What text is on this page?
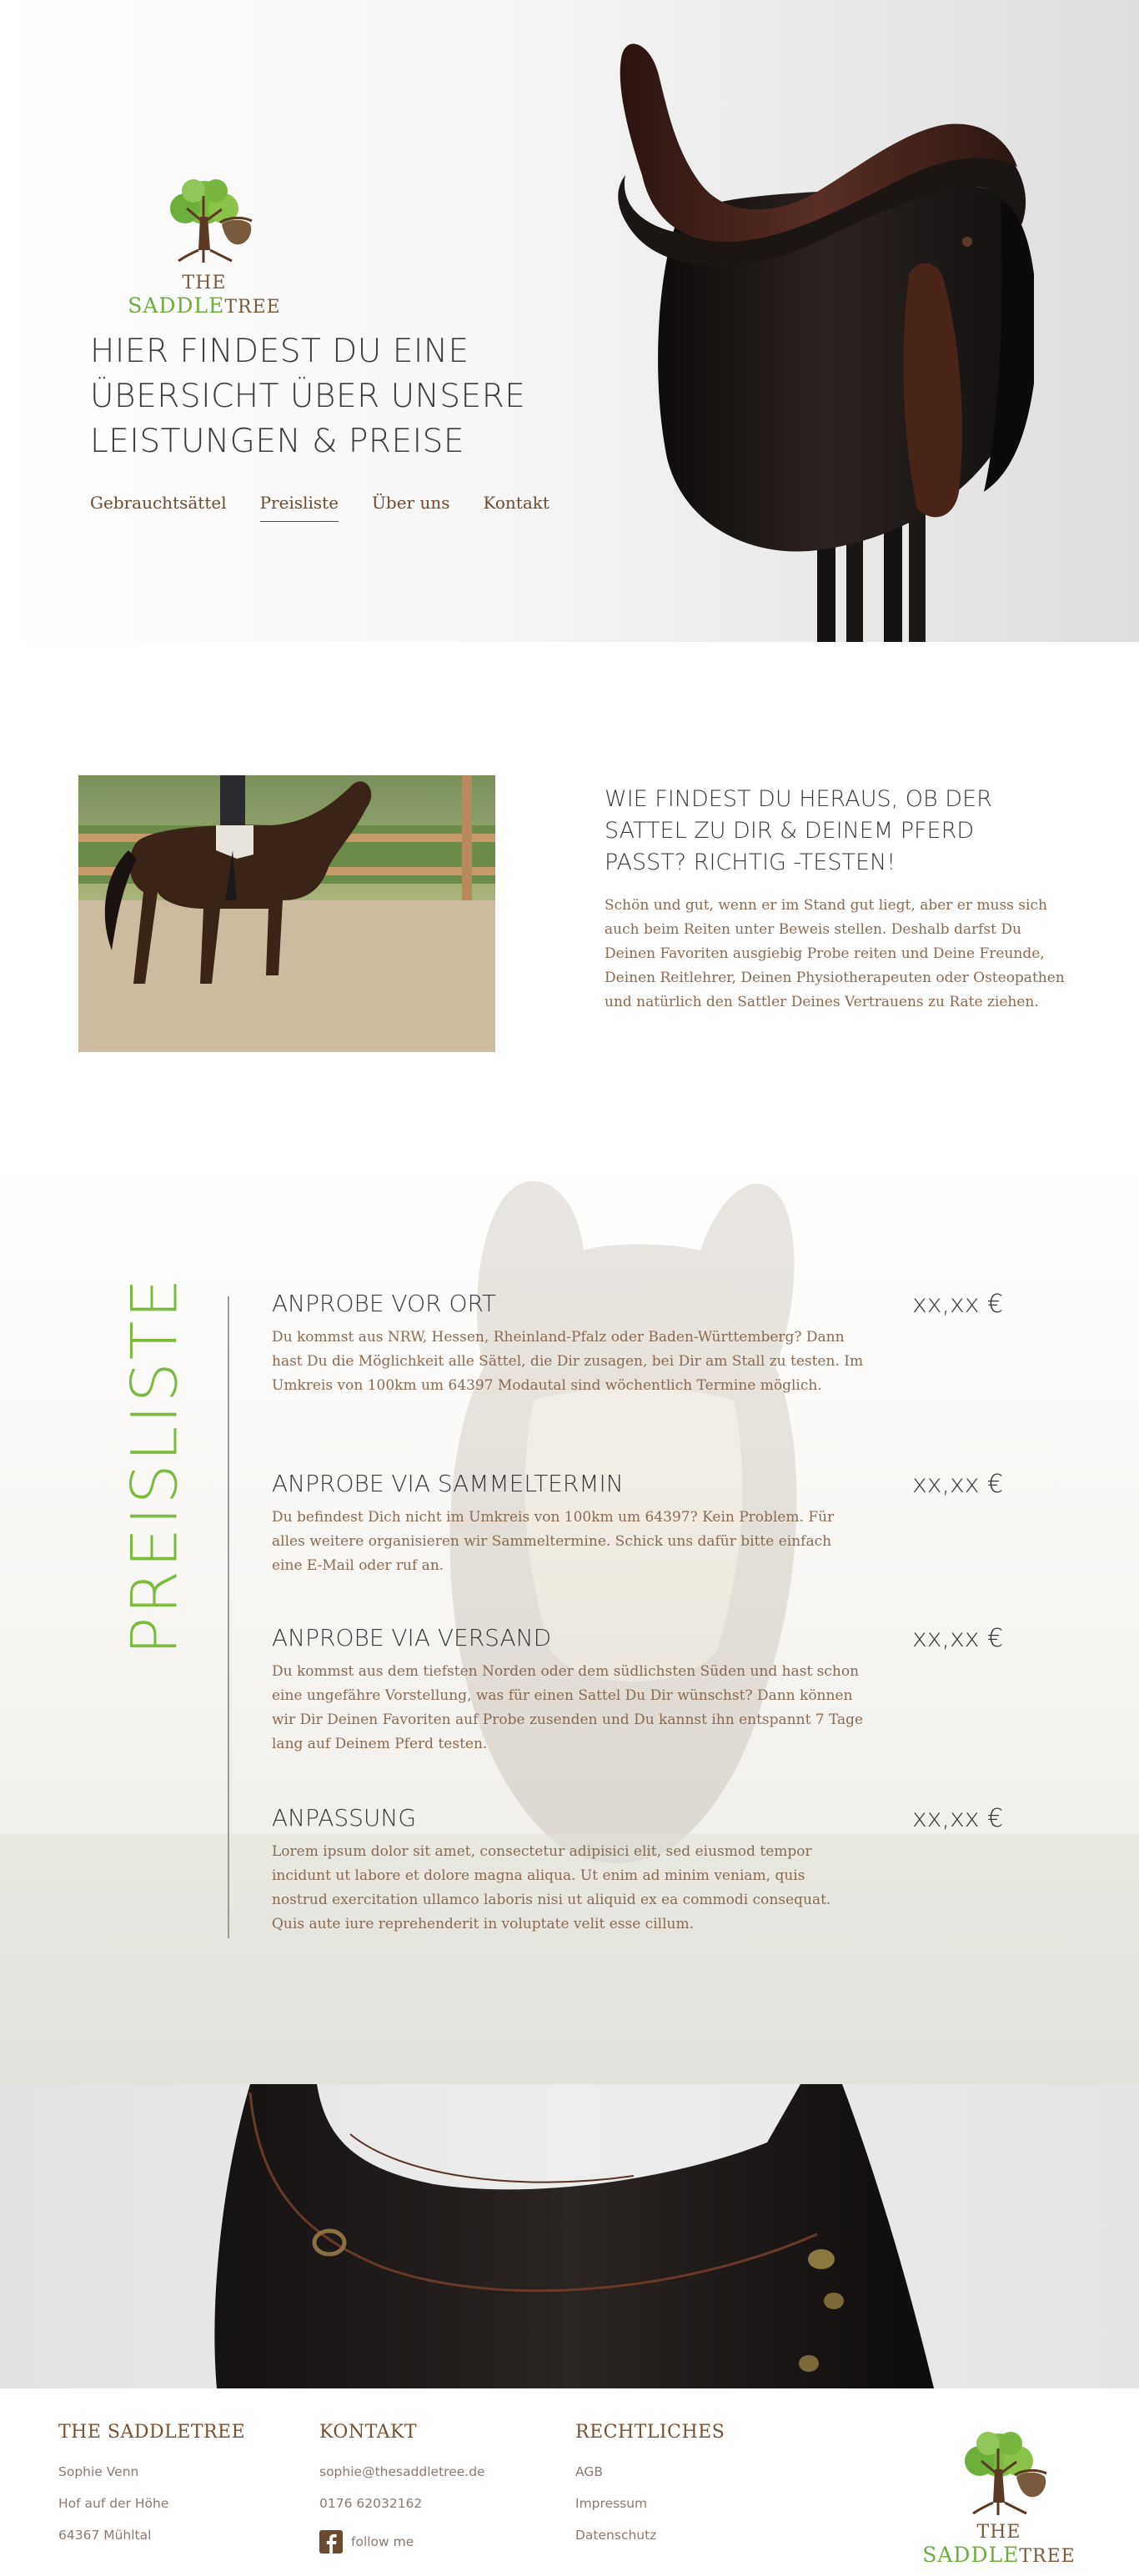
THE SADDLETREE
HIER FINDEST DU EINE
ÜBERSICHT ÜBER UNSERE
LEISTUNGEN & PREISE
Gebrauchtsättel Preisliste Über uns Kontakt
WIE FINDEST DU HERAUS, OB DER SATTEL ZU DIR & DEINEM PFERD PASST? RICHTIG -TESTEN!

Schön und gut, wenn er im Stand gut liegt, aber er muss sich auch beim Reiten unter Beweis stellen. Deshalb darfst Du Deinen Favoriten ausgiebig Probe reiten und Deine Freunde, Deinen Reitlehrer, Deinen Physiotherapeuten oder Osteopathen und natürlich den Sattler Deines Vertrauens zu Rate ziehen.

PREISLISTE	ANPROBE VOR ORT	xx,xx €

Du kommst aus NRW, Hessen, Rheinland-Pfalz oder Baden-Württemberg? Dann hast Du die Möglichkeit alle Sättel, die Dir zusagen, bei Dir am Stall zu testen. Im Umkreis von 100km um 64397 Modautal sind wöchentlich Termine möglich.

ANPROBE VIA SAMMELTERMIN	xx,xx €

Du befindest Dich nicht im Umkreis von 100km um 64397? Kein Problem. Für alles weitere organisieren wir Sammeltermine. Schick uns dafür bitte einfach eine E-Mail oder ruf an.

ANPROBE VIA VERSAND	xx,xx €

Du kommst aus dem tiefsten Norden oder dem südlichsten Süden und hast schon eine ungefähre Vorstellung, was für einen Sattel Du Dir wünschst? Dann können wir Dir Deinen Favoriten auf Probe zusenden und Du kannst ihn entspannt 7 Tage lang auf Deinem Pferd testen.

ANPASSUNG	xx,xx €

Lorem ipsum dolor sit amet, consectetur adipisici elit, sed eiusmod tempor incidunt ut labore et dolore magna aliqua. Ut enim ad minim veniam, quis nostrud exercitation ullamco laboris nisi ut aliquid ex ea commodi consequat. Quis aute iure reprehenderit in voluptate velit esse cillum.

THE SADDLETREE
Sophie Venn
Hof auf der Höhe
64367 Mühltal
KONTAKT
sophie@thesaddletree.de
0176 62032162
follow me
RECHTLICHES
AGB
Impressum
Datenschutz	THE SADDLETREE
